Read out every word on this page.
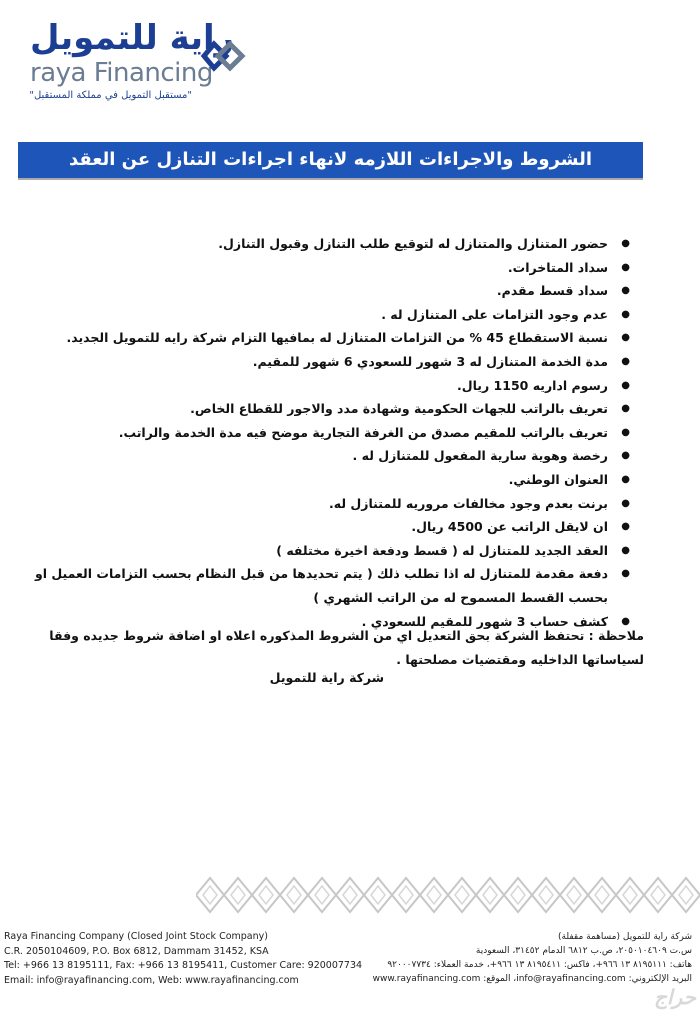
راية للتمويل
raya Financing
"مستقبل التمويل في مملكة المستقبل"
الشروط والاجراءات اللازمه لانهاء اجراءات التنازل عن العقد
●
حضور المتنازل والمتنازل له لتوقيع طلب التنازل وقبول التنازل.
●
سداد المتاخرات.
●
سداد قسط مقدم.
●
عدم وجود التزامات على المتنازل له .
●
نسبة الاستقطاع 45 % من التزامات المتنازل له بمافيها التزام شركة رايه للتمويل الجديد.
●
مدة الخدمة المتنازل له 3 شهور للسعودي 6 شهور للمقيم.
●
رسوم اداريه 1150 ريال.
●
تعريف بالراتب للجهات الحكومية وشهادة مدد والاجور للقطاع الخاص.
●
تعريف بالراتب للمقيم مصدق من الغرفة التجارية موضح فيه مدة الخدمة والراتب.
●
رخصة وهوية سارية المفعول للمتنازل له .
●
العنوان الوطني.
●
برنت بعدم وجود مخالفات مروريه للمتنازل له.
●
ان لايقل الراتب عن 4500 ريال.
●
العقد الجديد للمتنازل له ( قسط ودفعة اخيرة مختلفه )
●
دفعة مقدمة للمتنازل له اذا تطلب ذلك ( يتم تحديدها من قبل النظام بحسب التزامات العميل او
بحسب القسط المسموح له من الراتب الشهري )
●
كشف حساب 3 شهور للمقيم للسعودي .

ملاحظة : تحتفظ الشركة بحق التعديل اي من الشروط المذكوره اعلاه او اضافة شروط جديده وفقا لسياساتها الداخليه ومقتضيات مصلحتها .

شركة راية للتمويل
Raya Financing Company (Closed Joint Stock Company)
C.R. 2050104609, P.O. Box 6812, Dammam 31452, KSA
Tel: +966 13 8195111, Fax: +966 13 8195411, Customer Care: 920007734
Email: info@rayafinancing.com, Web: www.rayafinancing.com
شركة راية للتمويل (مساهمة مقفلة)
س.ت ٢٠٥٠١٠٤٦٠٩، ص.ب ٦٨١٢ الدمام ٣١٤٥٢، السعودية
هاتف: ٨١٩٥١١١ ١٣ ٩٦٦+، فاكس: ٨١٩٥٤١١ ١٣ ٩٦٦+، خدمة العملاء: ٩٢٠٠٠٧٧٣٤
البريد الإلكتروني: info@rayafinancing.com، الموقع: www.rayafinancing.com
حراج
